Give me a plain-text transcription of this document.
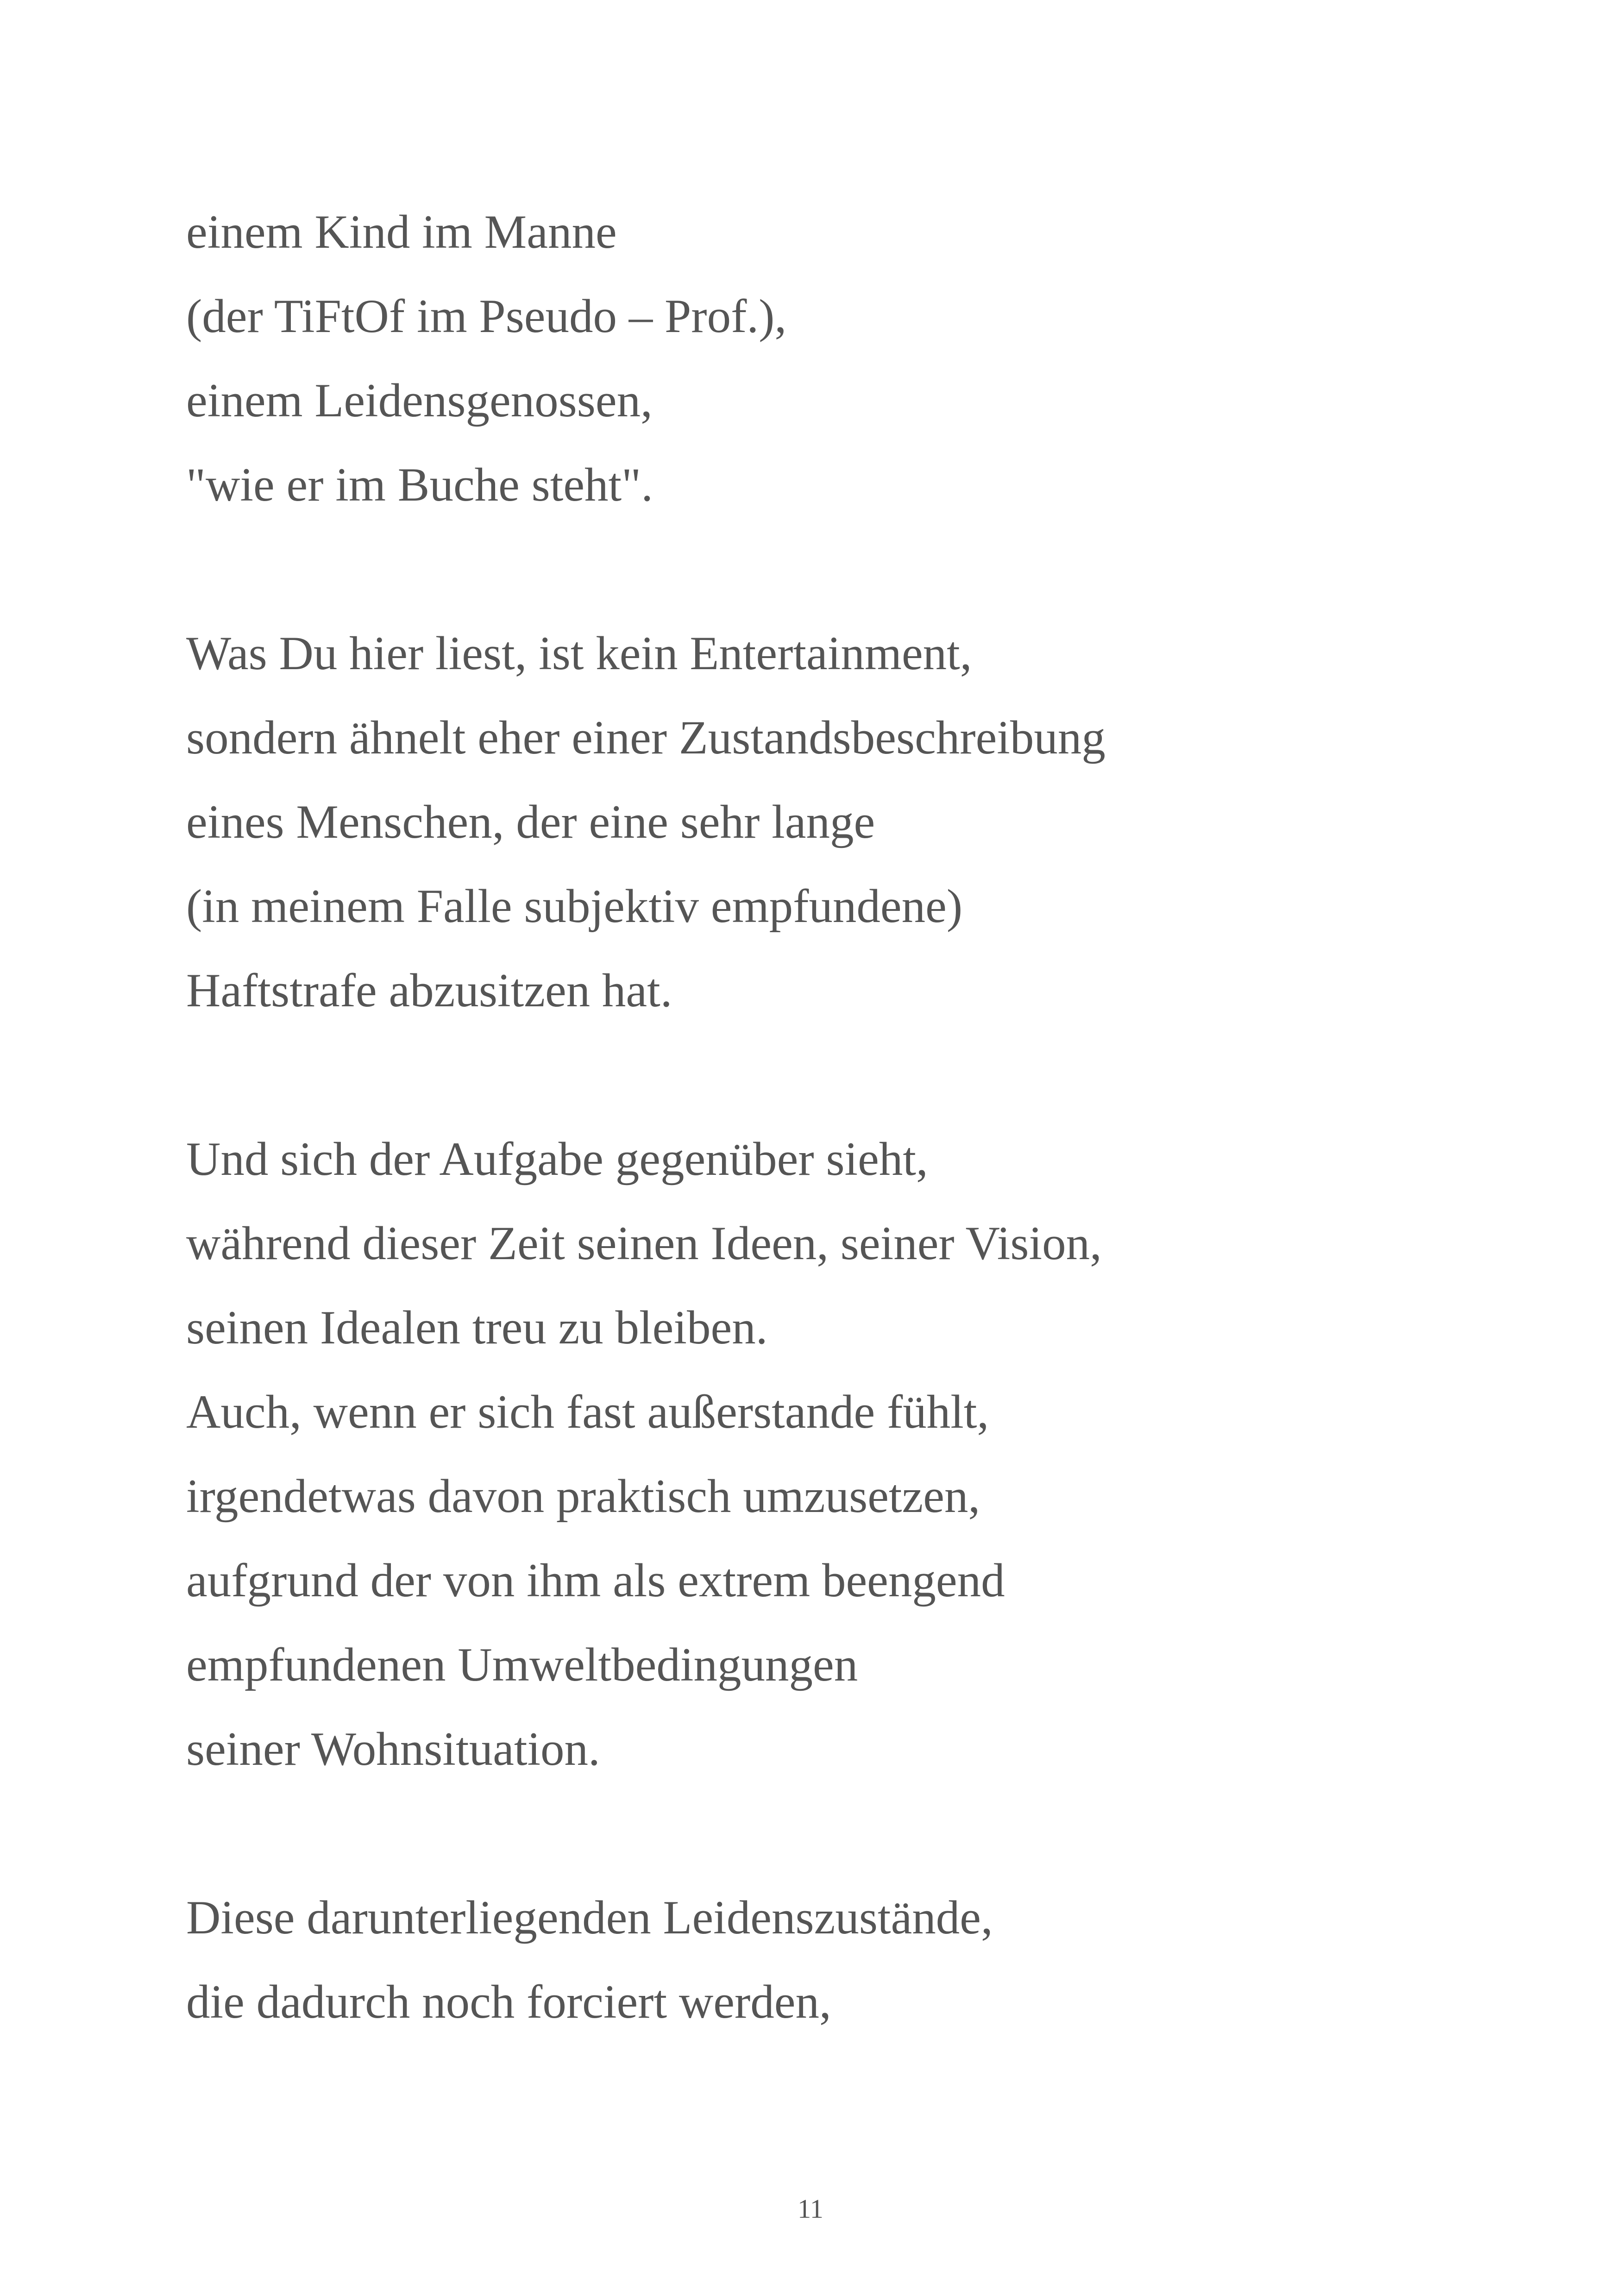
einem Kind im Manne
(der TiFtOf im Pseudo – Prof.),
einem Leidensgenossen,
"wie er im Buche steht".
Was Du hier liest, ist kein Entertainment,
sondern ähnelt eher einer Zustandsbeschreibung
eines Menschen, der eine sehr lange
(in meinem Falle subjektiv empfundene)
Haftstrafe abzusitzen hat.
Und sich der Aufgabe gegenüber sieht,
während dieser Zeit seinen Ideen, seiner Vision,
seinen Idealen treu zu bleiben.
Auch, wenn er sich fast außerstande fühlt,
irgendetwas davon praktisch umzusetzen,
aufgrund der von ihm als extrem beengend
empfundenen Umweltbedingungen
seiner Wohnsituation.
Diese darunterliegenden Leidenszustände,
die dadurch noch forciert werden,
11
